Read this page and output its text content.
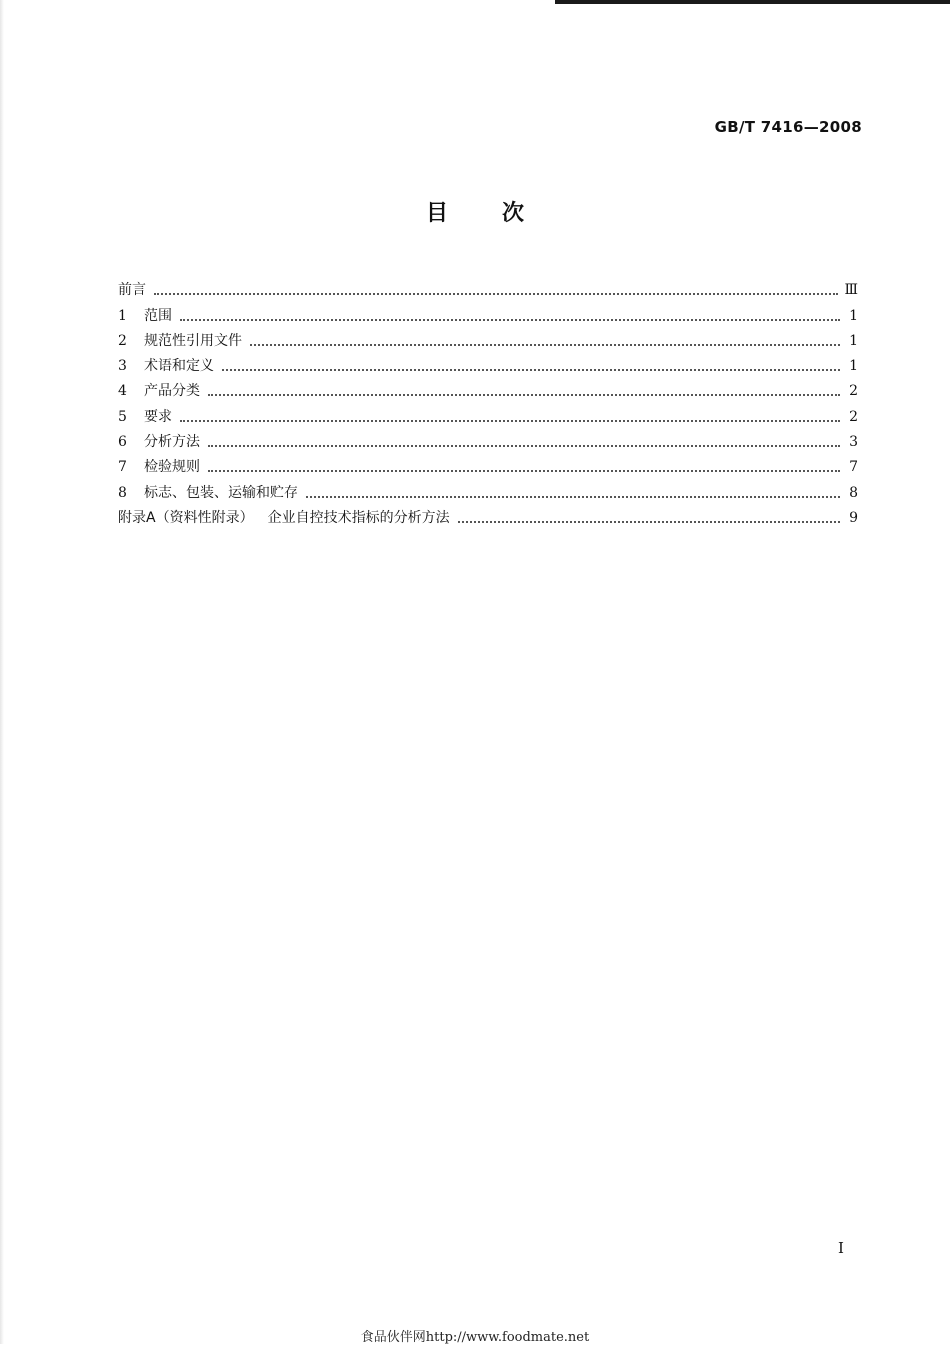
GB/T 7416—2008
目 次
前言	Ⅲ
1	范围	1
2	规范性引用文件	1
3	术语和定义	1
4	产品分类	2
5	要求	2
6	分析方法	3
7	检验规则	7
8	标志、包装、运输和贮存	8
附录A（资料性附录） 企业自控技术指标的分析方法	9
I
食品伙伴网http://www.foodmate.net
